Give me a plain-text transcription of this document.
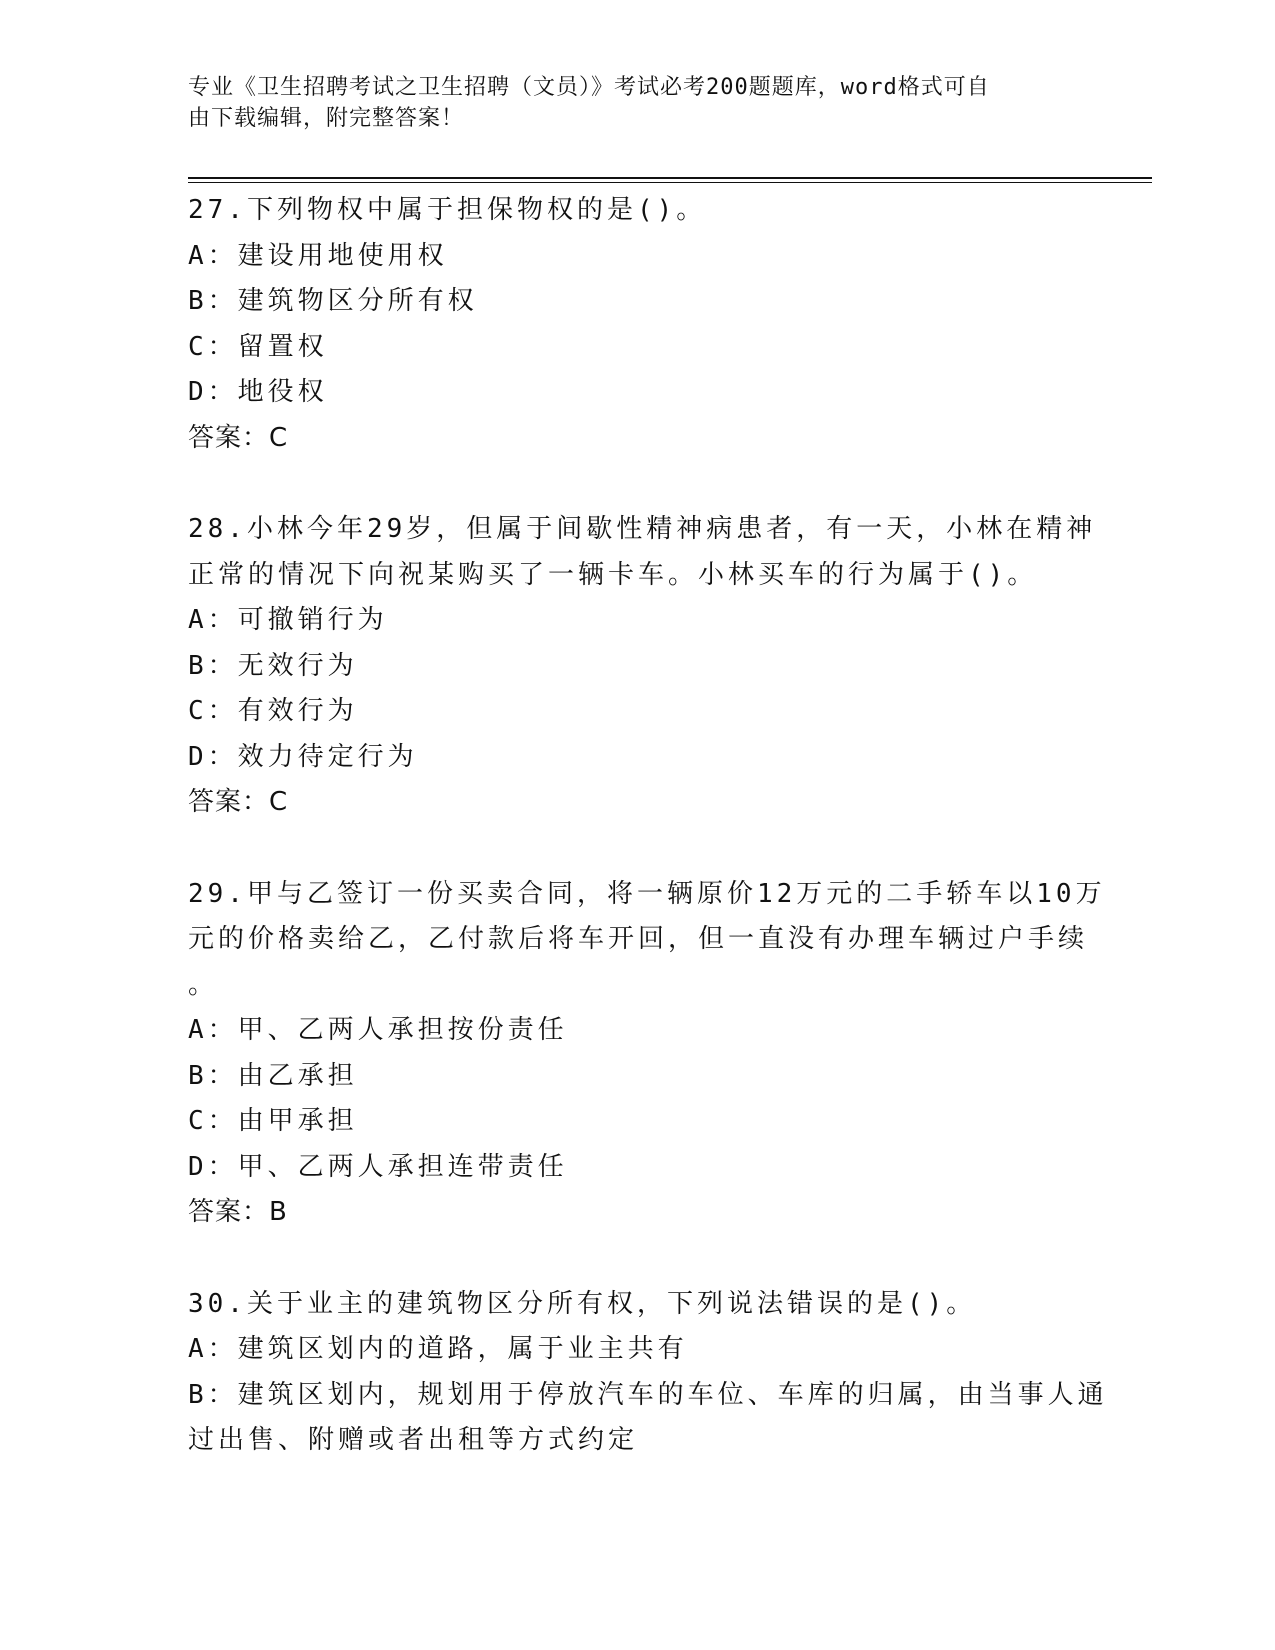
专业《卫生招聘考试之卫生招聘（文员）》考试必考200题题库，word格式可自
由下载编辑，附完整答案！
27.下列物权中属于担保物权的是()。
A：建设用地使用权
B：建筑物区分所有权
C：留置权
D：地役权
答案：C
28.小林今年29岁，但属于间歇性精神病患者，有一天，小林在精神
正常的情况下向祝某购买了一辆卡车。小林买车的行为属于()。
A：可撤销行为
B：无效行为
C：有效行为
D：效力待定行为
答案：C
29.甲与乙签订一份买卖合同，将一辆原价12万元的二手轿车以10万
元的价格卖给乙，乙付款后将车开回，但一直没有办理车辆过户手续
。
A：甲、乙两人承担按份责任
B：由乙承担
C：由甲承担
D：甲、乙两人承担连带责任
答案：B
30.关于业主的建筑物区分所有权，下列说法错误的是()。
A：建筑区划内的道路，属于业主共有
B：建筑区划内，规划用于停放汽车的车位、车库的归属，由当事人通
过出售、附赠或者出租等方式约定
